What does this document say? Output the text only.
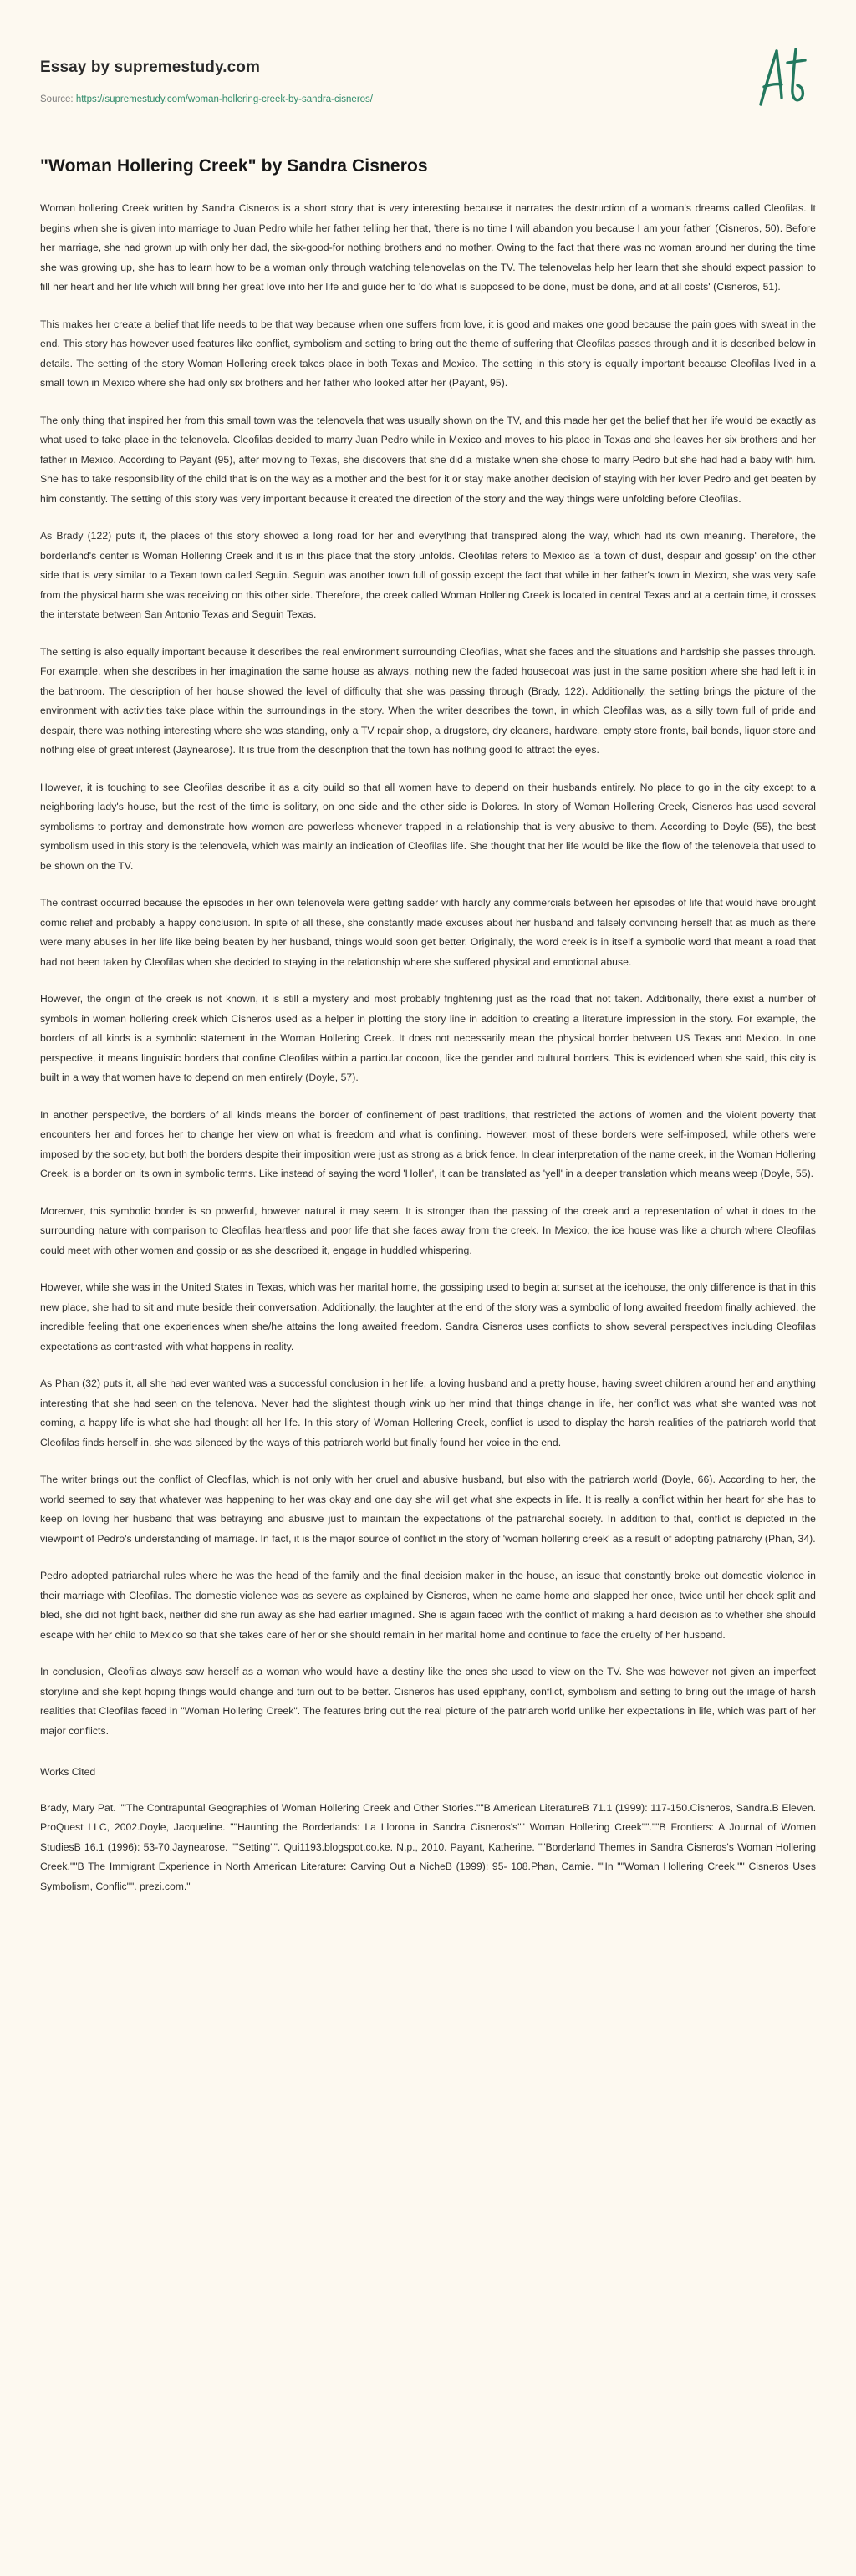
Essay by supremestudy.com
Source: https://supremestudy.com/woman-hollering-creek-by-sandra-cisneros/
"Woman Hollering Creek" by Sandra Cisneros

Woman hollering Creek written by Sandra Cisneros is a short story that is very interesting because it narrates the destruction of a woman's dreams called Cleofilas. It begins when she is given into marriage to Juan Pedro while her father telling her that, 'there is no time I will abandon you because I am your father' (Cisneros, 50). Before her marriage, she had grown up with only her dad, the six-good-for nothing brothers and no mother. Owing to the fact that there was no woman around her during the time she was growing up, she has to learn how to be a woman only through watching telenovelas on the TV. The telenovelas help her learn that she should expect passion to fill her heart and her life which will bring her great love into her life and guide her to 'do what is supposed to be done, must be done, and at all costs' (Cisneros, 51).

This makes her create a belief that life needs to be that way because when one suffers from love, it is good and makes one good because the pain goes with sweat in the end. This story has however used features like conflict, symbolism and setting to bring out the theme of suffering that Cleofilas passes through and it is described below in details. The setting of the story Woman Hollering creek takes place in both Texas and Mexico. The setting in this story is equally important because Cleofilas lived in a small town in Mexico where she had only six brothers and her father who looked after her (Payant, 95).

The only thing that inspired her from this small town was the telenovela that was usually shown on the TV, and this made her get the belief that her life would be exactly as what used to take place in the telenovela. Cleofilas decided to marry Juan Pedro while in Mexico and moves to his place in Texas and she leaves her six brothers and her father in Mexico. According to Payant (95), after moving to Texas, she discovers that she did a mistake when she chose to marry Pedro but she had had a baby with him. She has to take responsibility of the child that is on the way as a mother and the best for it or stay make another decision of staying with her lover Pedro and get beaten by him constantly. The setting of this story was very important because it created the direction of the story and the way things were unfolding before Cleofilas.

As Brady (122) puts it, the places of this story showed a long road for her and everything that transpired along the way, which had its own meaning. Therefore, the borderland's center is Woman Hollering Creek and it is in this place that the story unfolds. Cleofilas refers to Mexico as 'a town of dust, despair and gossip' on the other side that is very similar to a Texan town called Seguin. Seguin was another town full of gossip except the fact that while in her father's town in Mexico, she was very safe from the physical harm she was receiving on this other side. Therefore, the creek called Woman Hollering Creek is located in central Texas and at a certain time, it crosses the interstate between San Antonio Texas and Seguin Texas.

The setting is also equally important because it describes the real environment surrounding Cleofilas, what she faces and the situations and hardship she passes through. For example, when she describes in her imagination the same house as always, nothing new the faded housecoat was just in the same position where she had left it in the bathroom. The description of her house showed the level of difficulty that she was passing through (Brady, 122). Additionally, the setting brings the picture of the environment with activities take place within the surroundings in the story. When the writer describes the town, in which Cleofilas was, as a silly town full of pride and despair, there was nothing interesting where she was standing, only a TV repair shop, a drugstore, dry cleaners, hardware, empty store fronts, bail bonds, liquor store and nothing else of great interest (Jaynearose). It is true from the description that the town has nothing good to attract the eyes.

However, it is touching to see Cleofilas describe it as a city build so that all women have to depend on their husbands entirely. No place to go in the city except to a neighboring lady's house, but the rest of the time is solitary, on one side and the other side is Dolores. In story of Woman Hollering Creek, Cisneros has used several symbolisms to portray and demonstrate how women are powerless whenever trapped in a relationship that is very abusive to them. According to Doyle (55), the best symbolism used in this story is the telenovela, which was mainly an indication of Cleofilas life. She thought that her life would be like the flow of the telenovela that used to be shown on the TV.

The contrast occurred because the episodes in her own telenovela were getting sadder with hardly any commercials between her episodes of life that would have brought comic relief and probably a happy conclusion. In spite of all these, she constantly made excuses about her husband and falsely convincing herself that as much as there were many abuses in her life like being beaten by her husband, things would soon get better. Originally, the word creek is in itself a symbolic word that meant a road that had not been taken by Cleofilas when she decided to staying in the relationship where she suffered physical and emotional abuse.

However, the origin of the creek is not known, it is still a mystery and most probably frightening just as the road that not taken. Additionally, there exist a number of symbols in woman hollering creek which Cisneros used as a helper in plotting the story line in addition to creating a literature impression in the story. For example, the borders of all kinds is a symbolic statement in the Woman Hollering Creek. It does not necessarily mean the physical border between US Texas and Mexico. In one perspective, it means linguistic borders that confine Cleofilas within a particular cocoon, like the gender and cultural borders. This is evidenced when she said, this city is built in a way that women have to depend on men entirely (Doyle, 57).

In another perspective, the borders of all kinds means the border of confinement of past traditions, that restricted the actions of women and the violent poverty that encounters her and forces her to change her view on what is freedom and what is confining. However, most of these borders were self-imposed, while others were imposed by the society, but both the borders despite their imposition were just as strong as a brick fence. In clear interpretation of the name creek, in the Woman Hollering Creek, is a border on its own in symbolic terms. Like instead of saying the word 'Holler', it can be translated as 'yell' in a deeper translation which means weep (Doyle, 55).

Moreover, this symbolic border is so powerful, however natural it may seem. It is stronger than the passing of the creek and a representation of what it does to the surrounding nature with comparison to Cleofilas heartless and poor life that she faces away from the creek. In Mexico, the ice house was like a church where Cleofilas could meet with other women and gossip or as she described it, engage in huddled whispering.

However, while she was in the United States in Texas, which was her marital home, the gossiping used to begin at sunset at the icehouse, the only difference is that in this new place, she had to sit and mute beside their conversation. Additionally, the laughter at the end of the story was a symbolic of long awaited freedom finally achieved, the incredible feeling that one experiences when she/he attains the long awaited freedom. Sandra Cisneros uses conflicts to show several perspectives including Cleofilas expectations as contrasted with what happens in reality.

As Phan (32) puts it, all she had ever wanted was a successful conclusion in her life, a loving husband and a pretty house, having sweet children around her and anything interesting that she had seen on the telenova. Never had the slightest though wink up her mind that things change in life, her conflict was what she wanted was not coming, a happy life is what she had thought all her life. In this story of Woman Hollering Creek, conflict is used to display the harsh realities of the patriarch world that Cleofilas finds herself in. she was silenced by the ways of this patriarch world but finally found her voice in the end.

The writer brings out the conflict of Cleofilas, which is not only with her cruel and abusive husband, but also with the patriarch world (Doyle, 66). According to her, the world seemed to say that whatever was happening to her was okay and one day she will get what she expects in life. It is really a conflict within her heart for she has to keep on loving her husband that was betraying and abusive just to maintain the expectations of the patriarchal society. In addition to that, conflict is depicted in the viewpoint of Pedro's understanding of marriage. In fact, it is the major source of conflict in the story of 'woman hollering creek' as a result of adopting patriarchy (Phan, 34).

Pedro adopted patriarchal rules where he was the head of the family and the final decision maker in the house, an issue that constantly broke out domestic violence in their marriage with Cleofilas. The domestic violence was as severe as explained by Cisneros, when he came home and slapped her once, twice until her cheek split and bled, she did not fight back, neither did she run away as she had earlier imagined. She is again faced with the conflict of making a hard decision as to whether she should escape with her child to Mexico so that she takes care of her or she should remain in her marital home and continue to face the cruelty of her husband.

In conclusion, Cleofilas always saw herself as a woman who would have a destiny like the ones she used to view on the TV. She was however not given an imperfect storyline and she kept hoping things would change and turn out to be better. Cisneros has used epiphany, conflict, symbolism and setting to bring out the image of harsh realities that Cleofilas faced in "Woman Hollering Creek". The features bring out the real picture of the patriarch world unlike her expectations in life, which was part of her major conflicts.

Works Cited

Brady, Mary Pat. ""The Contrapuntal Geographies of Woman Hollering Creek and Other Stories.""B American LiteratureB 71.1 (1999): 117-150.Cisneros, Sandra.B Eleven. ProQuest LLC, 2002.Doyle, Jacqueline. ""Haunting the Borderlands: La Llorona in Sandra Cisneros's"" Woman Hollering Creek"".""B Frontiers: A Journal of Women StudiesB 16.1 (1996): 53-70.Jaynearose. ""Setting"". Qui1193.blogspot.co.ke. N.p., 2010. Payant, Katherine. ""Borderland Themes in Sandra Cisneros's Woman Hollering Creek.""B The Immigrant Experience in North American Literature: Carving Out a NicheB (1999): 95- 108.Phan, Camie. ""In ""Woman Hollering Creek,"" Cisneros Uses Symbolism, Conflic"". prezi.com."
